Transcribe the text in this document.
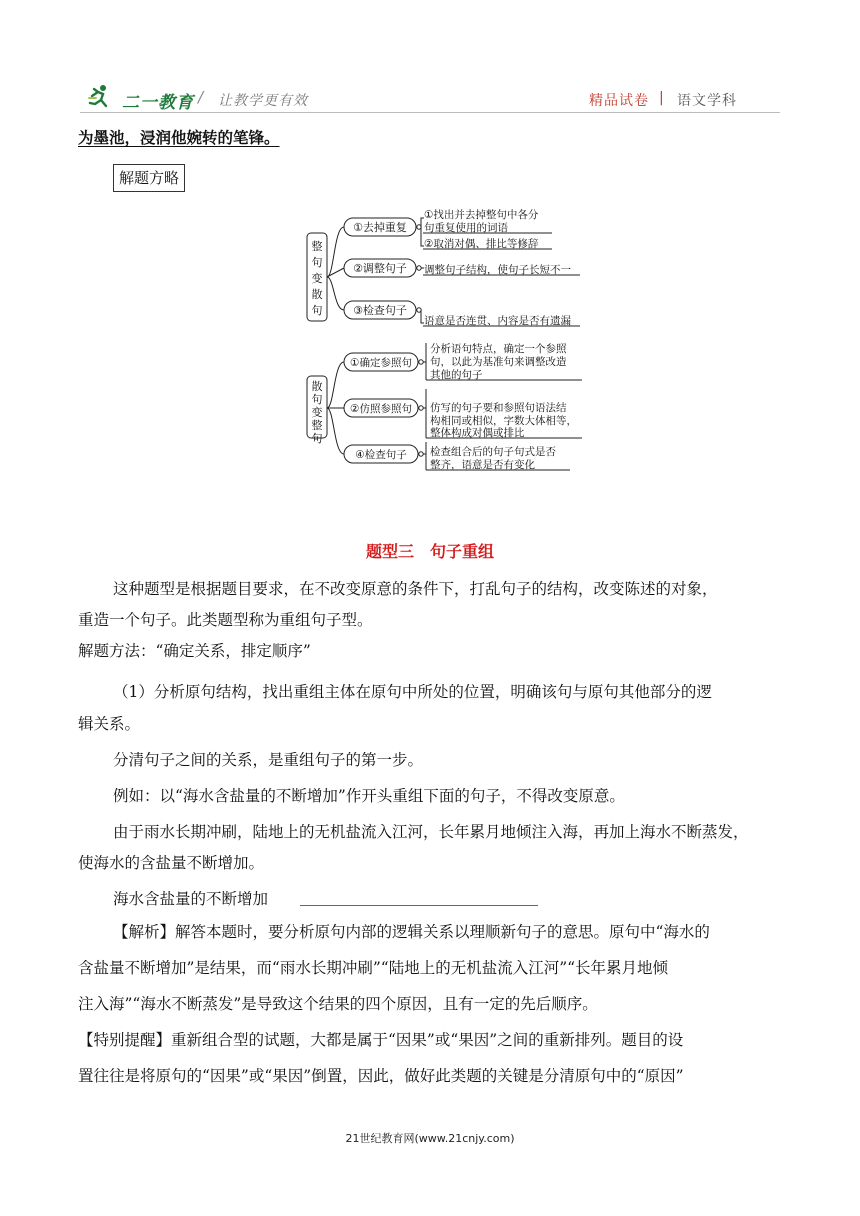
二一教育 / 让教学更有效	精品试卷 | 语文学科
为墨池，浸润他婉转的笔锋。
解题方略
整
句
变
散
句
①去掉重复
②调整句子
③检查句子
①找出并去掉整句中各分
句重复使用的词语
②取消对偶、排比等修辞
调整句子结构，使句子长短不一
语意是否连贯、内容是否有遗漏
散
句
变
整
句
①确定参照句
②仿照参照句
④检查句子
分析语句特点，确定一个参照
句，以此为基准句来调整改造
其他的句子
仿写的句子要和参照句语法结
构相同或相似，字数大体相等，
整体构成对偶或排比
检查组合后的句子句式是否
整齐，语意是否有变化
题型三 句子重组
这种题型是根据题目要求，在不改变原意的条件下，打乱句子的结构，改变陈述的对象，
重造一个句子。此类题型称为重组句子型。
解题方法：“确定关系，排定顺序”
（1）分析原句结构，找出重组主体在原句中所处的位置，明确该句与原句其他部分的逻
辑关系。
分清句子之间的关系，是重组句子的第一步。
例如：以“海水含盐量的不断增加”作开头重组下面的句子，不得改变原意。
由于雨水长期冲刷，陆地上的无机盐流入江河，长年累月地倾注入海，再加上海水不断蒸发，
使海水的含盐量不断增加。
海水含盐量的不断增加
【解析】解答本题时，要分析原句内部的逻辑关系以理顺新句子的意思。原句中“海水的
含盐量不断增加”是结果，而“雨水长期冲刷”“陆地上的无机盐流入江河”“长年累月地倾
注入海”“海水不断蒸发”是导致这个结果的四个原因，且有一定的先后顺序。
【特别提醒】重新组合型的试题，大都是属于“因果”或“果因”之间的重新排列。题目的设
置往往是将原句的“因果”或“果因”倒置，因此，做好此类题的关键是分清原句中的“原因”
21世纪教育网(www.21cnjy.com)
